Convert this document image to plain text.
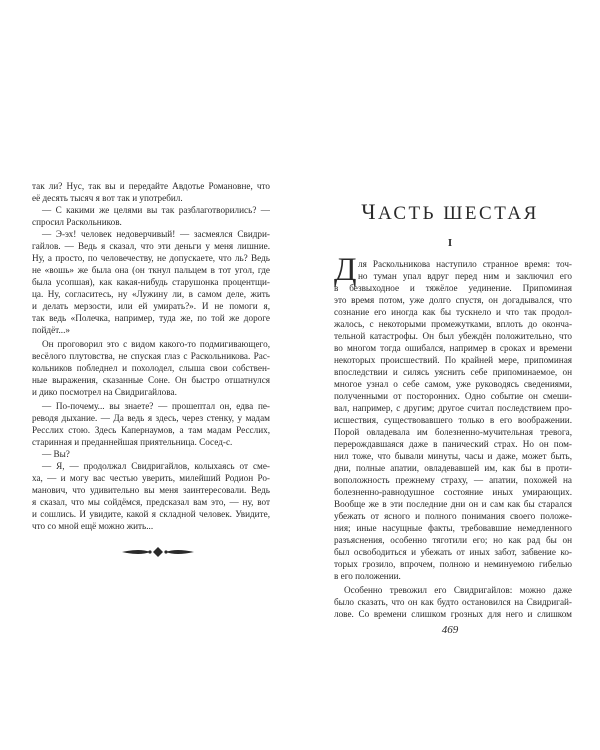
так ли? Нус, так вы и передайте Авдотье Романовне, что
её десять тысяч я вот так и употребил.
— С какими же целями вы так разблаготворились? —
спросил Раскольников.
— Э-эх! человек недоверчивый! — засмеялся Свидри-
гайлов. — Ведь я сказал, что эти деньги у меня лишние.
Ну, а просто, по человечеству, не допускаете, что ль? Ведь
не «вошь» же была она (он ткнул пальцем в тот угол, где
была усопшая), как какая-нибудь старушонка процентщи-
ца. Ну, согласитесь, ну «Лужину ли, в самом деле, жить
и делать мерзости, или ей умирать?». И не помоги я,
так ведь «Полечка, например, туда же, по той же дороге
пойдёт...»
Он проговорил это с видом какого-то подмигивающего,
весёлого плутовства, не спуская глаз с Раскольникова. Рас-
кольников побледнел и похолодел, слыша свои собствен-
ные выражения, сказанные Соне. Он быстро отшатнулся
и дико посмотрел на Свидригайлова.
— По-почему... вы знаете? — прошептал он, едва пе-
реводя дыхание. — Да ведь я здесь, через стенку, у мадам
Ресслих стою. Здесь Капернаумов, а там мадам Ресслих,
старинная и преданнейшая приятельница. Сосед-с.
— Вы?
— Я, — продолжал Свидригайлов, колыхаясь от сме-
ха, — и могу вас честью уверить, милейший Родион Ро-
манович, что удивительно вы меня заинтересовали. Ведь
я сказал, что мы сойдёмся, предсказал вам это, — ну, вот
и сошлись. И увидите, какой я складной человек. Увидите,
что со мной ещё можно жить...
ЧАСТЬ ШЕСТАЯ
I
Д ля Раскольникова наступило странное время: точ-
но туман упал вдруг перед ним и заключил его
в безвыходное и тяжёлое уединение. Припоминая
это время потом, уже долго спустя, он догадывался, что
сознание его иногда как бы тускнело и что так продол-
жалось, с некоторыми промежутками, вплоть до оконча-
тельной катастрофы. Он был убеждён положительно, что
во многом тогда ошибался, например в сроках и времени
некоторых происшествий. По крайней мере, припоминая
впоследствии и силясь уяснить себе припоминаемое, он
многое узнал о себе самом, уже руководясь сведениями,
полученными от посторонних. Одно событие он смеши-
вал, например, с другим; другое считал последствием про-
исшествия, существовавшего только в его воображении.
Порой овладевала им болезненно-мучительная тревога,
перерождавшаяся даже в панический страх. Но он пом-
нил тоже, что бывали минуты, часы и даже, может быть,
дни, полные апатии, овладевавшей им, как бы в проти-
воположность прежнему страху, — апатии, похожей на
болезненно-равнодушное состояние иных умирающих.
Вообще же в эти последние дни он и сам как бы старался
убежать от ясного и полного понимания своего положе-
ния; иные насущные факты, требовавшие немедленного
разъяснения, особенно тяготили его; но как рад бы он
был освободиться и убежать от иных забот, забвение ко-
торых грозило, впрочем, полною и неминуемою гибелью
в его положении.
Особенно тревожил его Свидригайлов: можно даже
было сказать, что он как будто остановился на Свидригай-
лове. Со времени слишком грозных для него и слишком
469
